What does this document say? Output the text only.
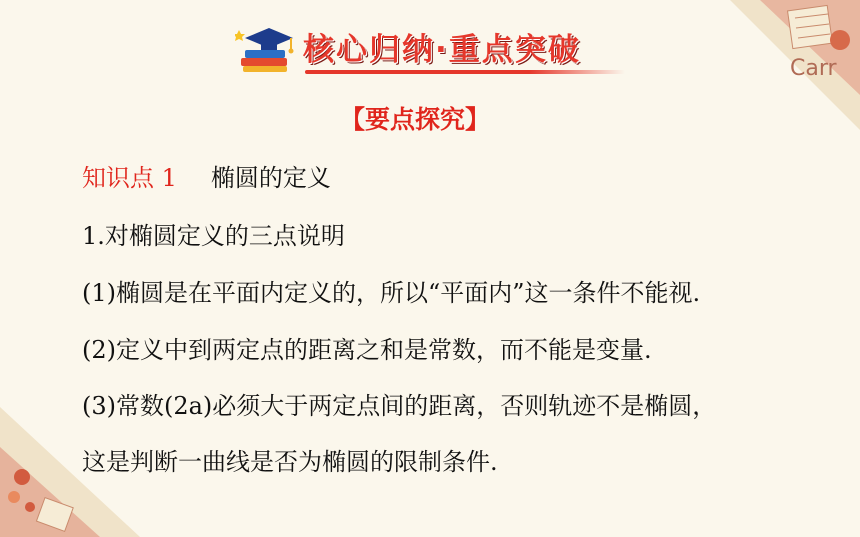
Carr
核心归纳·重点突破
【要点探究】
知识点 1 椭圆的定义
1.对椭圆定义的三点说明
(1)椭圆是在平面内定义的，所以“平面内”这一条件不能视.
(2)定义中到两定点的距离之和是常数，而不能是变量.
(3)常数(2a)必须大于两定点间的距离，否则轨迹不是椭圆，
这是判断一曲线是否为椭圆的限制条件.
